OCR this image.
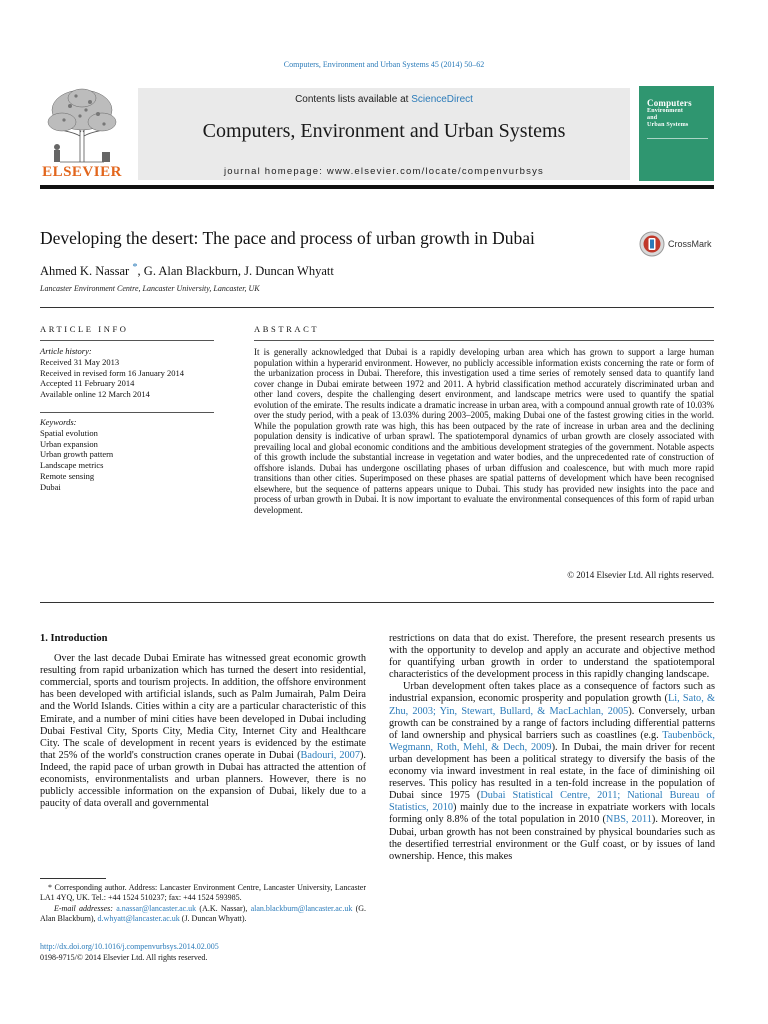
Computers, Environment and Urban Systems 45 (2014) 50–62
ELSEVIER
Contents lists available at ScienceDirect
Computers, Environment and Urban Systems
journal homepage: www.elsevier.com/locate/compenvurbsys
Computers
Environment
and
Urban Systems
Developing the desert: The pace and process of urban growth in Dubai	CrossMark
Ahmed K. Nassar *, G. Alan Blackburn, J. Duncan Whyatt
Lancaster Environment Centre, Lancaster University, Lancaster, UK
ARTICLE INFO	ABSTRACT
Article history:
Received 31 May 2013
Received in revised form 16 January 2014
Accepted 11 February 2014
Available online 12 March 2014
Keywords:
Spatial evolution
Urban expansion
Urban growth pattern
Landscape metrics
Remote sensing
Dubai
It is generally acknowledged that Dubai is a rapidly developing urban area which has grown to support a large human population within a hyperarid environment. However, no publicly accessible information exists concerning the rate or form of the urbanization process in Dubai. Therefore, this investigation used a time series of remotely sensed data to quantify land cover change in Dubai emirate between 1972 and 2011. A hybrid classification method accurately discriminated urban and other land covers, despite the challenging desert environment, and landscape metrics were used to quantify the spatial evolution of the emirate. The results indicate a dramatic increase in urban area, with a compound annual growth rate of 10.03% over the study period, with a peak of 13.03% during 2003–2005, making Dubai one of the fastest growing cities in the world. While the population growth rate was high, this has been outpaced by the rate of increase in urban area and the declining population density is indicative of urban sprawl. The spatiotemporal dynamics of urban growth are closely associated with prevailing local and global economic conditions and the ambitious development strategies of the government. Notable aspects of this growth include the substantial increase in vegetation and water bodies, and the unprecedented rate of construction of offshore islands. Dubai has undergone oscillating phases of urban diffusion and coalescence, but with much more rapid transitions than other cities. Superimposed on these phases are spatial patterns of development which have been recognised elsewhere, but the sequence of patterns appears unique to Dubai. This study has provided new insights into the pace and process of urban growth in Dubai. It is now important to evaluate the environmental consequences of this form of rapid urban development.
© 2014 Elsevier Ltd. All rights reserved.
1. Introduction

Over the last decade Dubai Emirate has witnessed great economic growth resulting from rapid urbanization which has turned the desert into residential, commercial, sports and tourism projects. In addition, the offshore environment has been developed with artificial islands, such as Palm Jumairah, Palm Deira and the World Islands. Cities within a city are a particular characteristic of this Emirate, and a number of mini cities have been developed in Dubai including Dubai Festival City, Sports City, Media City, Internet City and Healthcare City. The scale of development in recent years is evidenced by the estimate that 25% of the world's construction cranes operate in Dubai (Badouri, 2007). Indeed, the rapid pace of urban growth in Dubai has attracted the attention of economists, environmentalists and urban planners. However, there is no publicly accessible information on the expansion of Dubai, likely due to a paucity of data overall and governmental

* Corresponding author. Address: Lancaster Environment Centre, Lancaster University, Lancaster LA1 4YQ, UK. Tel.: +44 1524 510237; fax: +44 1524 593985.
E-mail addresses: a.nassar@lancaster.ac.uk (A.K. Nassar), alan.blackburn@lancaster.ac.uk (G. Alan Blackburn), d.whyatt@lancaster.ac.uk (J. Duncan Whyatt).
http://dx.doi.org/10.1016/j.compenvurbsys.2014.02.005
0198-9715/© 2014 Elsevier Ltd. All rights reserved.

restrictions on data that do exist. Therefore, the present research presents us with the opportunity to develop and apply an accurate and objective method for quantifying urban growth in order to understand the spatiotemporal characteristics of the development process in this rapidly changing landscape.

Urban development often takes place as a consequence of factors such as industrial expansion, economic prosperity and population growth (Li, Sato, & Zhu, 2003; Yin, Stewart, Bullard, & MacLachlan, 2005). Conversely, urban growth can be constrained by a range of factors including differential patterns of land ownership and physical barriers such as coastlines (e.g. Taubenböck, Wegmann, Roth, Mehl, & Dech, 2009). In Dubai, the main driver for recent urban development has been a political strategy to diversify the basis of the economy via inward investment in real estate, in the face of diminishing oil reserves. This policy has resulted in a ten-fold increase in the population of Dubai since 1975 (Dubai Statistical Centre, 2011; National Bureau of Statistics, 2010) mainly due to the increase in expatriate workers with locals forming only 8.8% of the total population in 2010 (NBS, 2011). Moreover, in Dubai, urban growth has not been constrained by physical boundaries such as the desertified terrestrial environment or the Gulf coast, or by issues of land ownership. Hence, this makes
